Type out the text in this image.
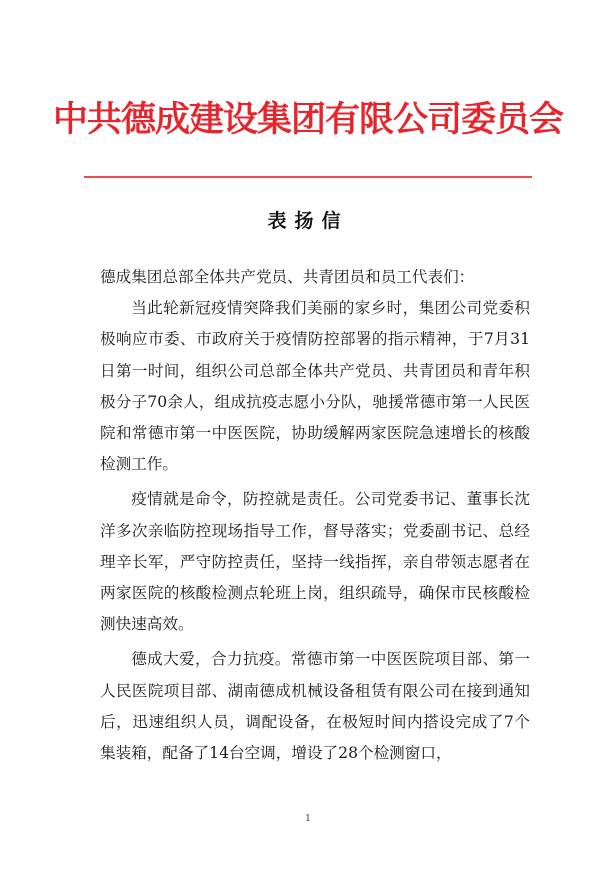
中共德成建设集团有限公司委员会
表扬信

德成集团总部全体共产党员、共青团员和员工代表们：

当此轮新冠疫情突降我们美丽的家乡时，集团公司党委积极响应市委、市政府关于疫情防控部署的指示精神，于7月31日第一时间，组织公司总部全体共产党员、共青团员和青年积极分子70余人，组成抗疫志愿小分队，驰援常德市第一人民医院和常德市第一中医医院，协助缓解两家医院急速增长的核酸检测工作。

疫情就是命令，防控就是责任。公司党委书记、董事长沈洋多次亲临防控现场指导工作，督导落实；党委副书记、总经理辛长军，严守防控责任，坚持一线指挥，亲自带领志愿者在两家医院的核酸检测点轮班上岗，组织疏导，确保市民核酸检测快速高效。

德成大爱，合力抗疫。常德市第一中医医院项目部、第一人民医院项目部、湖南德成机械设备租赁有限公司在接到通知后，迅速组织人员，调配设备，在极短时间内搭设完成了7个集装箱，配备了14台空调，增设了28个检测窗口，

1
